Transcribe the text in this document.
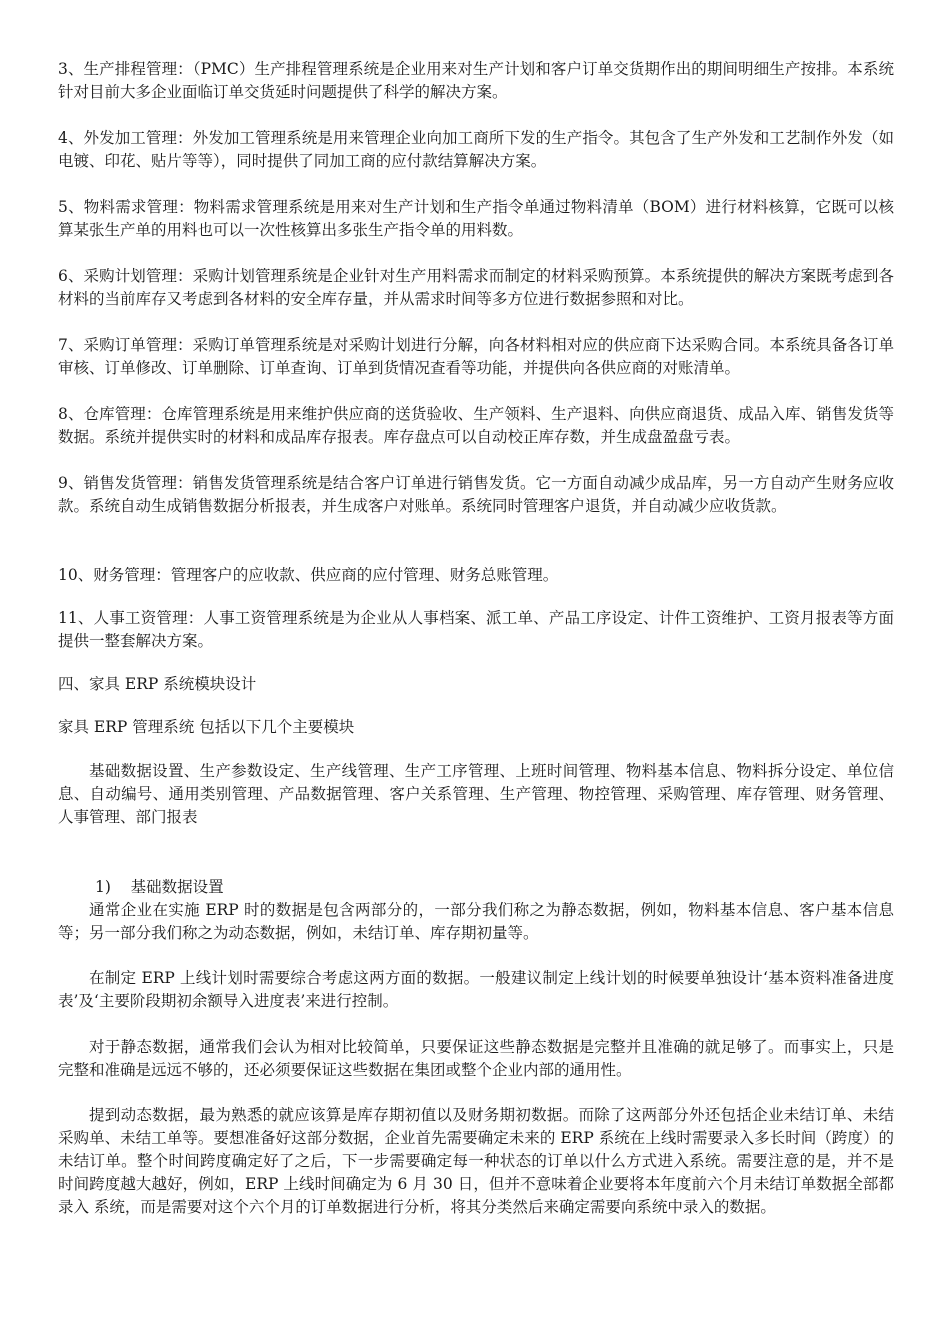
3、生产排程管理：（PMC）生产排程管理系统是企业用来对生产计划和客户订单交货期作出的期间明细生产按排。本系统针对目前大多企业面临订单交货延时问题提供了科学的解决方案。

4、外发加工管理：外发加工管理系统是用来管理企业向加工商所下发的生产指令。其包含了生产外发和工艺制作外发（如电镀、印花、贴片等等），同时提供了同加工商的应付款结算解决方案。

5、物料需求管理：物料需求管理系统是用来对生产计划和生产指令单通过物料清单（BOM）进行材料核算，它既可以核算某张生产单的用料也可以一次性核算出多张生产指令单的用料数。

6、采购计划管理：采购计划管理系统是企业针对生产用料需求而制定的材料采购预算。本系统提供的解决方案既考虑到各材料的当前库存又考虑到各材料的安全库存量，并从需求时间等多方位进行数据参照和对比。

7、采购订单管理：采购订单管理系统是对采购计划进行分解，向各材料相对应的供应商下达采购合同。本系统具备各订单审核、订单修改、订单删除、订单查询、订单到货情况查看等功能，并提供向各供应商的对账清单。

8、仓库管理：仓库管理系统是用来维护供应商的送货验收、生产领料、生产退料、向供应商退货、成品入库、销售发货等数据。系统并提供实时的材料和成品库存报表。库存盘点可以自动校正库存数，并生成盘盈盘亏表。

9、销售发货管理：销售发货管理系统是结合客户订单进行销售发货。它一方面自动减少成品库，另一方自动产生财务应收款。系统自动生成销售数据分析报表，并生成客户对账单。系统同时管理客户退货，并自动减少应收货款。

10、财务管理：管理客户的应收款、供应商的应付管理、财务总账管理。

11、人事工资管理：人事工资管理系统是为企业从人事档案、派工单、产品工序设定、计件工资维护、工资月报表等方面提供一整套解决方案。

四、家具 ERP 系统模块设计

家具 ERP 管理系统 包括以下几个主要模块

基础数据设置、生产参数设定、生产线管理、生产工序管理、上班时间管理、物料基本信息、物料拆分设定、单位信息、自动编号、通用类别管理、产品数据管理、客户关系管理、生产管理、物控管理、采购管理、库存管理、财务管理、人事管理、部门报表

1)    基础数据设置

通常企业在实施 ERP 时的数据是包含两部分的，一部分我们称之为静态数据，例如，物料基本信息、客户基本信息等；另一部分我们称之为动态数据，例如，未结订单、库存期初量等。

在制定 ERP 上线计划时需要综合考虑这两方面的数据。一般建议制定上线计划的时候要单独设计‘基本资料准备进度表’及‘主要阶段期初余额导入进度表’来进行控制。

对于静态数据，通常我们会认为相对比较简单，只要保证这些静态数据是完整并且准确的就足够了。而事实上，只是完整和准确是远远不够的，还必须要保证这些数据在集团或整个企业内部的通用性。

提到动态数据，最为熟悉的就应该算是库存期初值以及财务期初数据。而除了这两部分外还包括企业未结订单、未结采购单、未结工单等。要想准备好这部分数据，企业首先需要确定未来的 ERP 系统在上线时需要录入多长时间（跨度）的未结订单。整个时间跨度确定好了之后，下一步需要确定每一种状态的订单以什么方式进入系统。需要注意的是，并不是时间跨度越大越好，例如，ERP 上线时间确定为 6 月 30 日，但并不意味着企业要将本年度前六个月未结订单数据全部都录入 系统，而是需要对这个六个月的订单数据进行分析，将其分类然后来确定需要向系统中录入的数据。
